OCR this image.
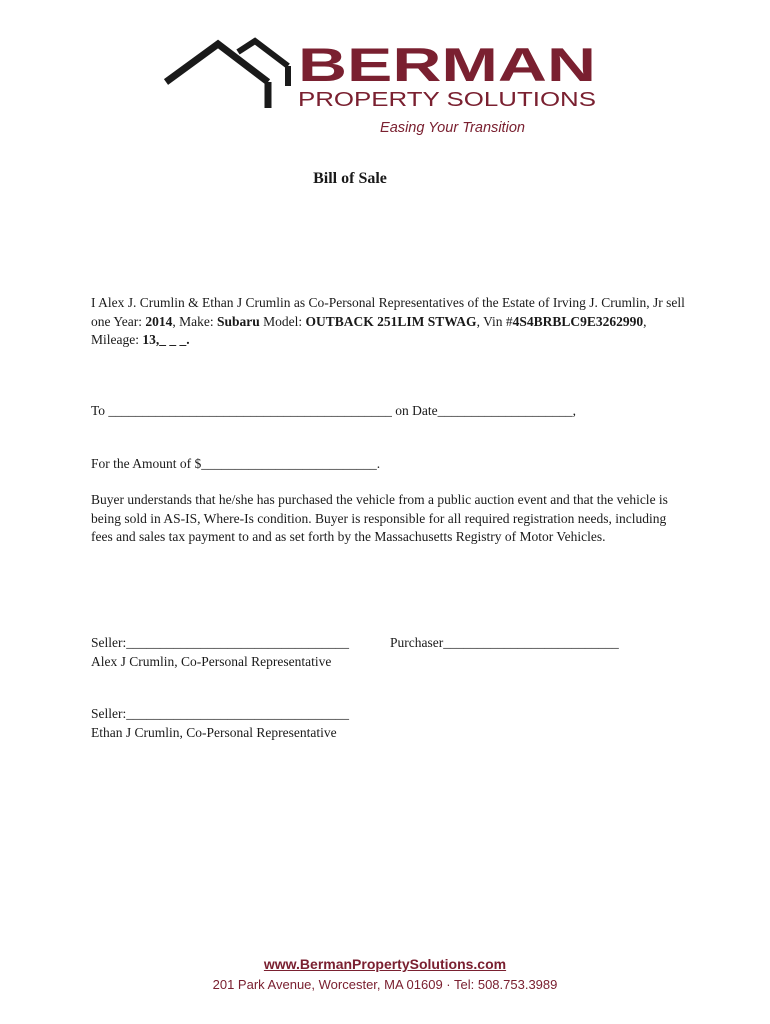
BERMAN
PROPERTY SOLUTIONS
Easing Your Transition
Bill of Sale

I Alex J. Crumlin & Ethan J Crumlin as Co-Personal Representatives of the Estate of Irving J. Crumlin, Jr sell one Year: 2014, Make: Subaru Model: OUTBACK 251LIM STWAG, Vin #4S4BRBLC9E3262990, Mileage: 13,_ _ _.

To __________________________________________ on Date____________________,

For the Amount of $__________________________.

Buyer understands that he/she has purchased the vehicle from a public auction event and that the vehicle is being sold in AS-IS, Where-Is condition. Buyer is responsible for all required registration needs, including fees and sales tax payment to and as set forth by the Massachusetts Registry of Motor Vehicles.

Seller:_________________________________
Alex J Crumlin, Co-Personal Representative
Purchaser__________________________
Seller:_________________________________
Ethan J Crumlin, Co-Personal Representative
www.BermanPropertySolutions.com
201 Park Avenue, Worcester, MA 01609 · Tel: 508.753.3989
